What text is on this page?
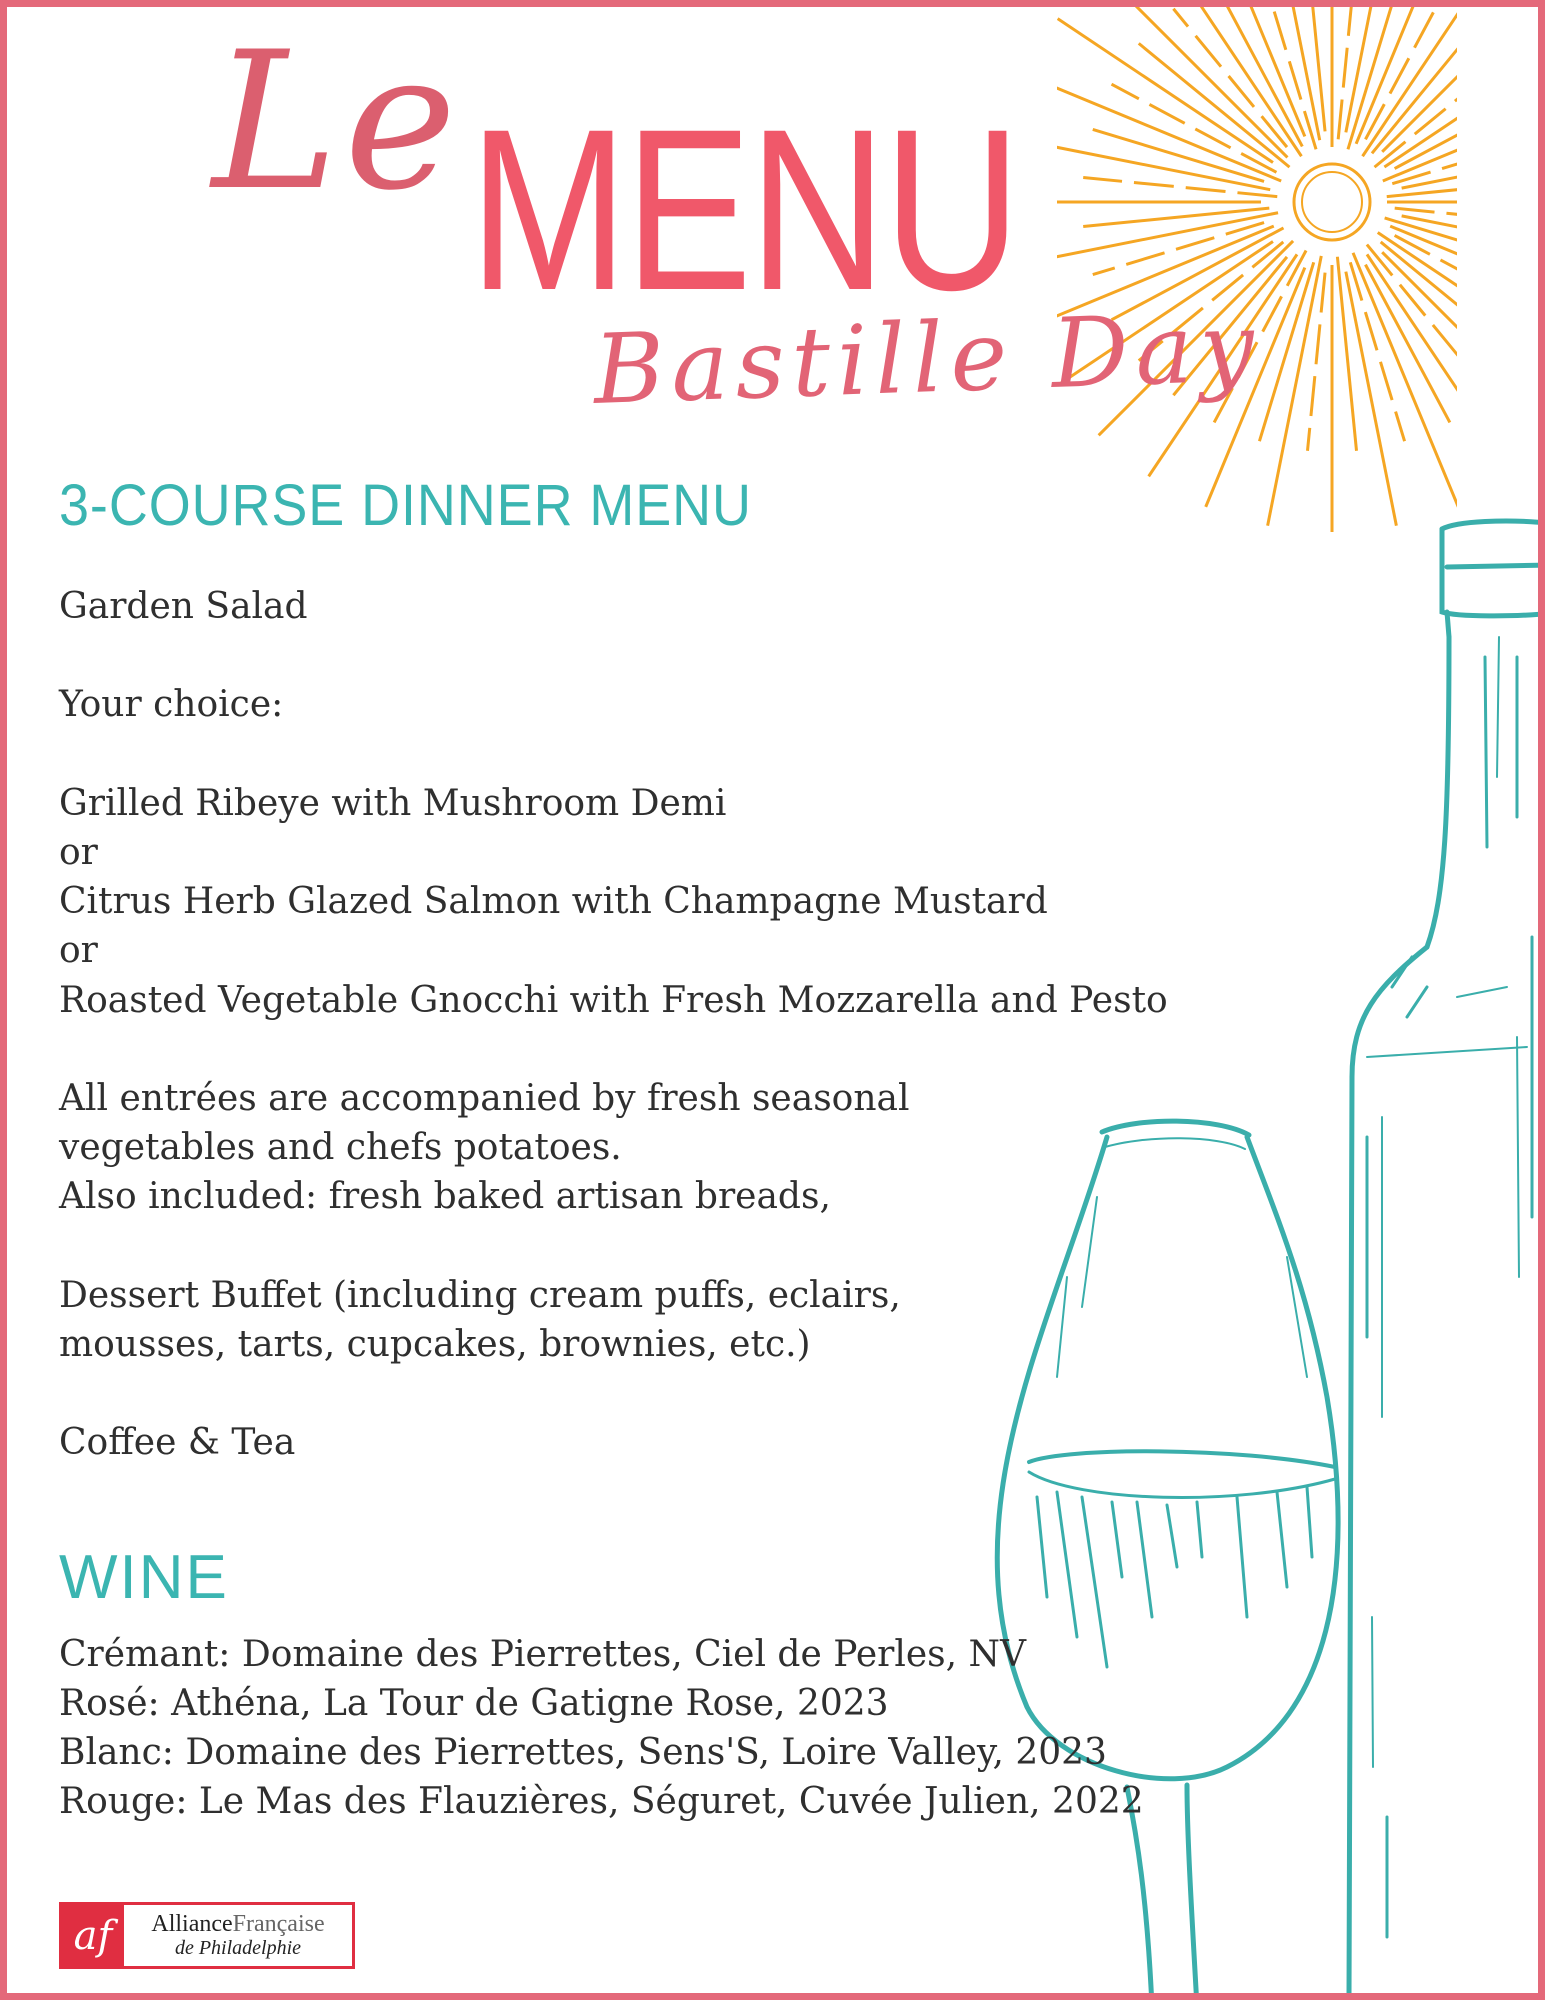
Le MENU
Bastille Day
3-COURSE DINNER MENU
Garden Salad
Your choice:
Grilled Ribeye with Mushroom Demi
or
Citrus Herb Glazed Salmon with Champagne Mustard
or
Roasted Vegetable Gnocchi with Fresh Mozzarella and Pesto
All entrées are accompanied by fresh seasonal
vegetables and chefs potatoes.
Also included: fresh baked artisan breads,
Dessert Buffet (including cream puffs, eclairs,
mousses, tarts, cupcakes, brownies, etc.)
Coffee & Tea
WINE
Crémant: Domaine des Pierrettes, Ciel de Perles, NV
Rosé: Athéna, La Tour de Gatigne Rose, 2023
Blanc: Domaine des Pierrettes, Sens'S, Loire Valley, 2023
Rouge: Le Mas des Flauzières, Séguret, Cuvée Julien, 2022
af	AllianceFrançaise
de Philadelphie
